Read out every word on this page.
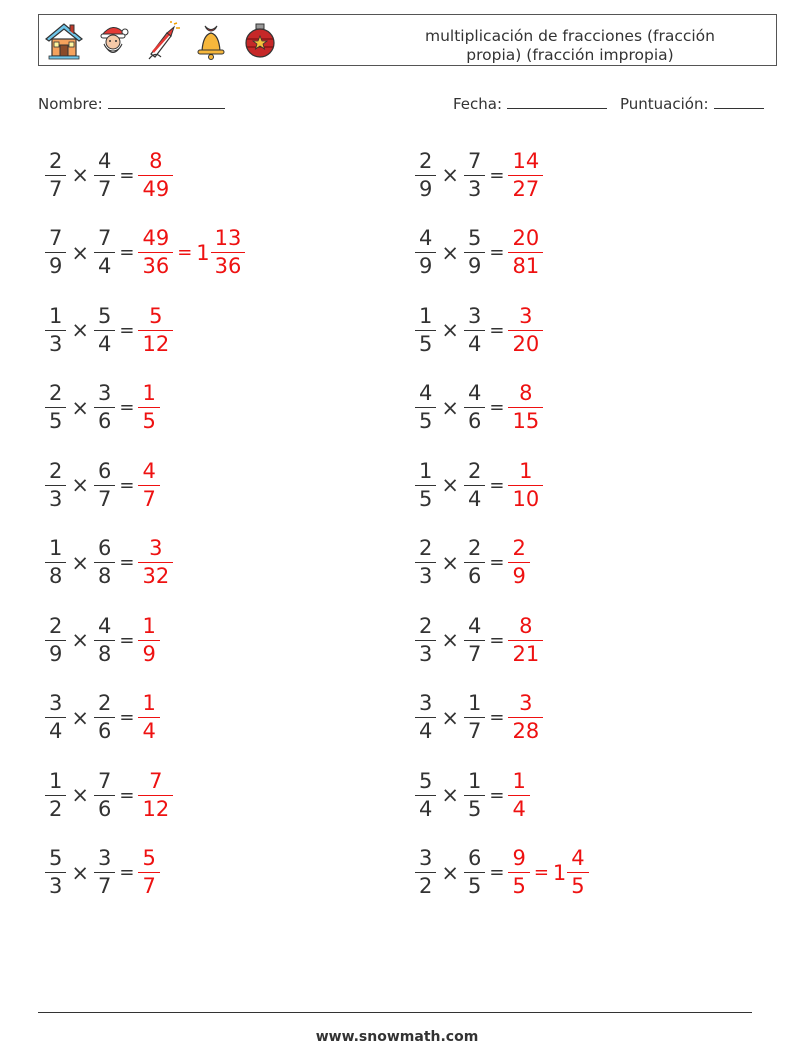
multiplicación de fracciones (fracción propia) (fracción impropia)
Nombre:	Fecha:	Puntuación:
$\frac{2}{7} \times \frac{4}{7} = \frac{8}{49}$
$\frac{7}{9} \times \frac{7}{4} = \frac{49}{36} = 1 \frac{13}{36}$
$\frac{1}{3} \times \frac{5}{4} = \frac{5}{12}$
$\frac{2}{5} \times \frac{3}{6} = \frac{1}{5}$
$\frac{2}{3} \times \frac{6}{7} = \frac{4}{7}$
$\frac{1}{8} \times \frac{6}{8} = \frac{3}{32}$
$\frac{2}{9} \times \frac{4}{8} = \frac{1}{9}$
$\frac{3}{4} \times \frac{2}{6} = \frac{1}{4}$
$\frac{1}{2} \times \frac{7}{6} = \frac{7}{12}$
$\frac{5}{3} \times \frac{3}{7} = \frac{5}{7}$
$\frac{2}{9} \times \frac{7}{3} = \frac{14}{27}$
$\frac{4}{9} \times \frac{5}{9} = \frac{20}{81}$
$\frac{1}{5} \times \frac{3}{4} = \frac{3}{20}$
$\frac{4}{5} \times \frac{4}{6} = \frac{8}{15}$
$\frac{1}{5} \times \frac{2}{4} = \frac{1}{10}$
$\frac{2}{3} \times \frac{2}{6} = \frac{2}{9}$
$\frac{2}{3} \times \frac{4}{7} = \frac{8}{21}$
$\frac{3}{4} \times \frac{1}{7} = \frac{3}{28}$
$\frac{5}{4} \times \frac{1}{5} = \frac{1}{4}$
$\frac{3}{2} \times \frac{6}{5} = \frac{9}{5} = 1 \frac{4}{5}$
www.snowmath.com
